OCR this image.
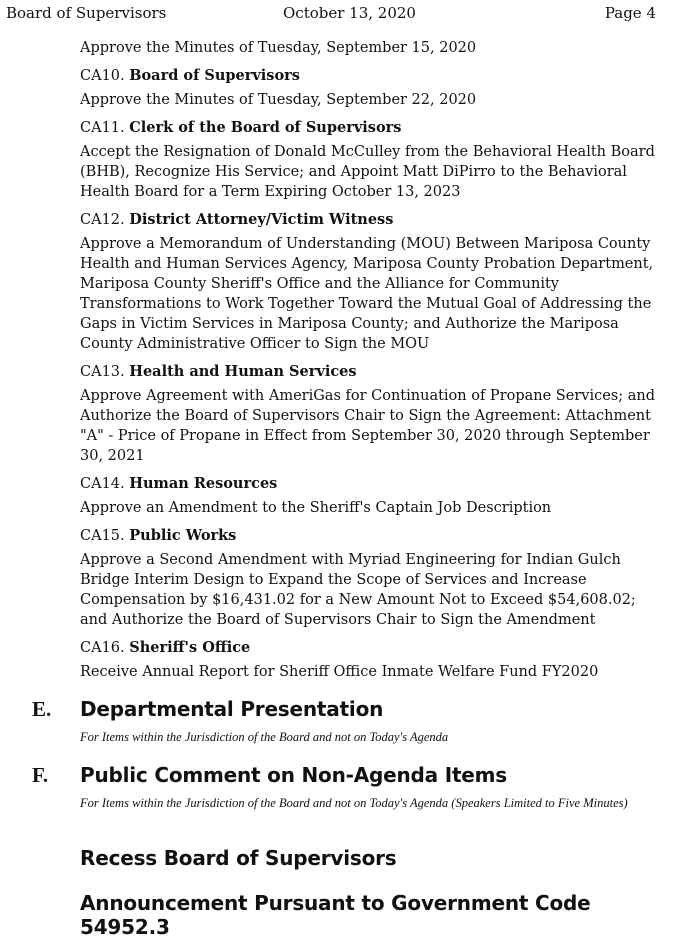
Board of Supervisors	October 13, 2020	Page 4

Approve the Minutes of Tuesday, September 15, 2020

CA10. Board of Supervisors

Approve the Minutes of Tuesday, September 22, 2020

CA11. Clerk of the Board of Supervisors

Accept the Resignation of Donald McCulley from the Behavioral Health Board (BHB), Recognize His Service; and Appoint Matt DiPirro to the Behavioral Health Board for a Term Expiring October 13, 2023

CA12. District Attorney/Victim Witness

Approve a Memorandum of Understanding (MOU) Between Mariposa County Health and Human Services Agency, Mariposa County Probation Department, Mariposa County Sheriff's Office and the Alliance for Community Transformations to Work Together Toward the Mutual Goal of Addressing the Gaps in Victim Services in Mariposa County; and Authorize the Mariposa County Administrative Officer to Sign the MOU

CA13. Health and Human Services

Approve Agreement with AmeriGas for Continuation of Propane Services; and Authorize the Board of Supervisors Chair to Sign the Agreement: Attachment "A" - Price of Propane in Effect from September 30, 2020 through September 30, 2021

CA14. Human Resources

Approve an Amendment to the Sheriff's Captain Job Description

CA15. Public Works

Approve a Second Amendment with Myriad Engineering for Indian Gulch Bridge Interim Design to Expand the Scope of Services and Increase Compensation by $16,431.02 for a New Amount Not to Exceed $54,608.02; and Authorize the Board of Supervisors Chair to Sign the Amendment

CA16. Sheriff's Office

Receive Annual Report for Sheriff Office Inmate Welfare Fund FY2020

E. Departmental Presentation
For Items within the Jurisdiction of the Board and not on Today's Agenda
F. Public Comment on Non-Agenda Items
For Items within the Jurisdiction of the Board and not on Today's Agenda (Speakers Limited to Five Minutes)
Recess Board of Supervisors
Announcement Pursuant to Government Code 54952.3
